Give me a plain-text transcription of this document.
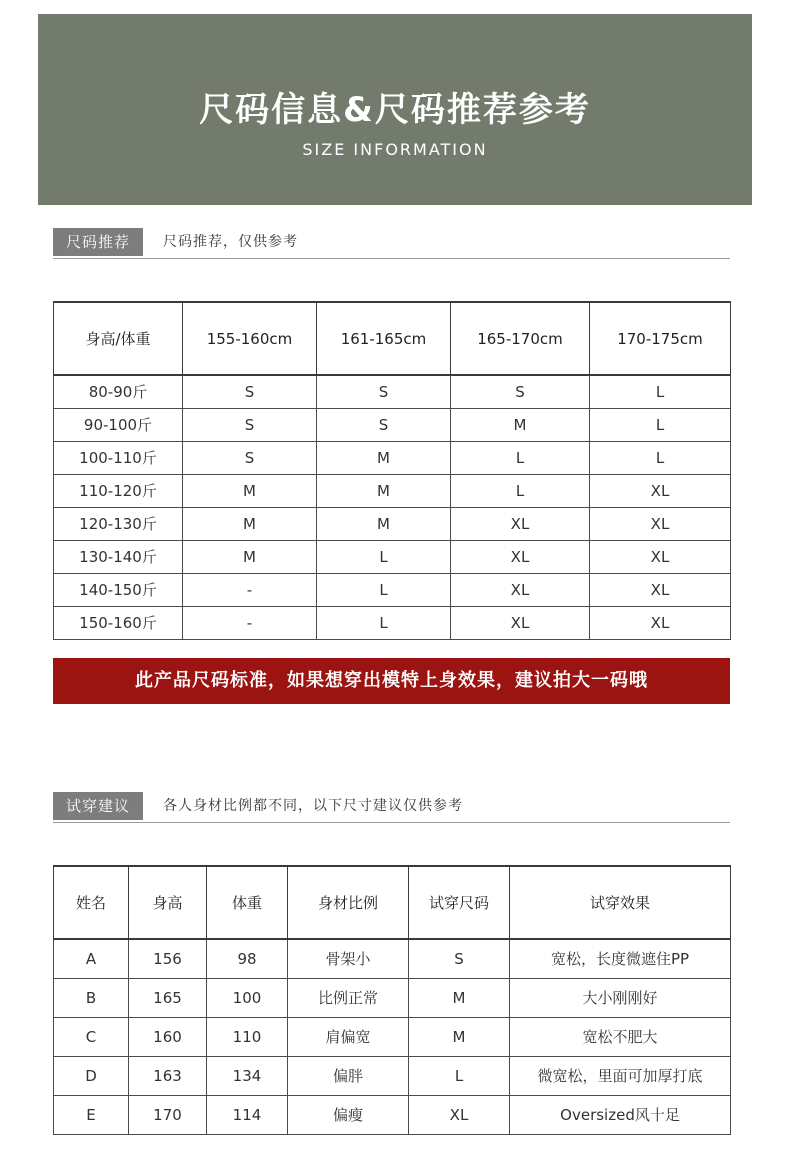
尺码信息&尺码推荐参考
SIZE INFORMATION
尺码推荐	尺码推荐，仅供参考
身高/体重	155-160cm	161-165cm	165-170cm	170-175cm
80-90斤	S	S	S	L
90-100斤	S	S	M	L
100-110斤	S	M	L	L
110-120斤	M	M	L	XL
120-130斤	M	M	XL	XL
130-140斤	M	L	XL	XL
140-150斤	-	L	XL	XL
150-160斤	-	L	XL	XL
此产品尺码标准，如果想穿出模特上身效果，建议拍大一码哦
试穿建议	各人身材比例都不同，以下尺寸建议仅供参考
姓名	身高	体重	身材比例	试穿尺码	试穿效果
A	156	98	骨架小	S	宽松，长度微遮住PP
B	165	100	比例正常	M	大小刚刚好
C	160	110	肩偏宽	M	宽松不肥大
D	163	134	偏胖	L	微宽松，里面可加厚打底
E	170	114	偏瘦	XL	Oversized风十足
